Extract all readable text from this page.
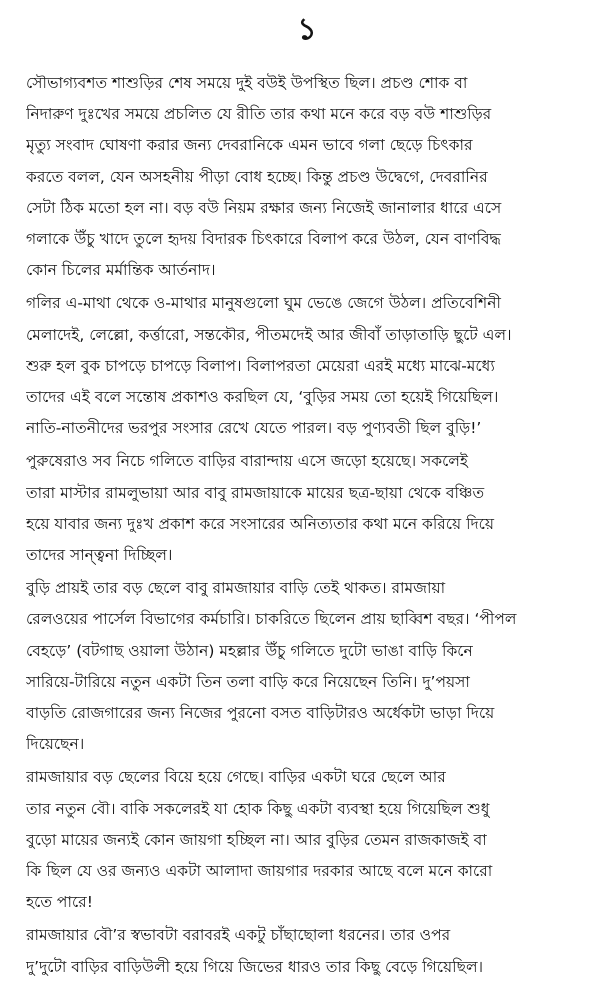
১
সৌভাগ্যবশত শাশুড়ির শেষ সময়ে দুই বউই উপস্থিত ছিল। প্রচণ্ড শোক বা
নিদারুণ দুঃখের সময়ে প্রচলিত যে রীতি তার কথা মনে করে বড় বউ শাশুড়ির
মৃত্যু সংবাদ ঘোষণা করার জন্য দেবরানিকে এমন ভাবে গলা ছেড়ে চিৎকার
করতে বলল, যেন অসহনীয় পীড়া বোধ হচ্ছে। কিন্তু প্রচণ্ড উদ্বেগে, দেবরানির
সেটা ঠিক মতো হল না। বড় বউ নিয়ম রক্ষার জন্য নিজেই জানালার ধারে এসে
গলাকে উঁচু খাদে তুলে হৃদয় বিদারক চিৎকারে বিলাপ করে উঠল, যেন বাণবিদ্ধ
কোন চিলের মর্মান্তিক আর্তনাদ।
গলির এ-মাথা থেকে ও-মাথার মানুষগুলো ঘুম ভেঙে জেগে উঠল। প্রতিবেশিনী
মেলাদেই, লেল্লো, কর্ত্তারো, সন্তকৌর, পীতমদেই আর জীবাঁ তাড়াতাড়ি ছুটে এল।
শুরু হল বুক চাপড়ে চাপড়ে বিলাপ। বিলাপরতা মেয়েরা এরই মধ্যে মাঝে-মধ্যে
তাদের এই বলে সন্তোষ প্রকাশও করছিল যে, ‘বুড়ির সময় তো হয়েই গিয়েছিল।
নাতি-নাতনীদের ভরপুর সংসার রেখে যেতে পারল। বড় পুণ্যবতী ছিল বুড়ি!’
পুরুষেরাও সব নিচে গলিতে বাড়ির বারান্দায় এসে জড়ো হয়েছে। সকলেই
তারা মাস্টার রামলুভায়া আর বাবু রামজায়াকে মায়ের ছত্র-ছায়া থেকে বঞ্চিত
হয়ে যাবার জন্য দুঃখ প্রকাশ করে সংসারের অনিত্যতার কথা মনে করিয়ে দিয়ে
তাদের সান্ত্বনা দিচ্ছিল।
বুড়ি প্রায়ই তার বড় ছেলে বাবু রামজায়ার বাড়ি তেই থাকত। রামজায়া
রেলওয়ের পার্সেল বিভাগের কর্মচারি। চাকরিতে ছিলেন প্রায় ছাব্বিশ বছর। ‘পীপল
বেহড়ে’ (বটগাছ ওয়ালা উঠান) মহল্লার উঁচু গলিতে দুটো ভাঙা বাড়ি কিনে
সারিয়ে-টারিয়ে নতুন একটা তিন তলা বাড়ি করে নিয়েছেন তিনি। দু’পয়সা
বাড়তি রোজগারের জন্য নিজের পুরনো বসত বাড়িটারও অর্ধেকটা ভাড়া দিয়ে
দিয়েছেন।
রামজায়ার বড় ছেলের বিয়ে হয়ে গেছে। বাড়ির একটা ঘরে ছেলে আর
তার নতুন বৌ। বাকি সকলেরই যা হোক কিছু একটা ব্যবস্থা হয়ে গিয়েছিল শুধু
বুড়ো মায়ের জন্যই কোন জায়গা হচ্ছিল না। আর বুড়ির তেমন রাজকাজই বা
কি ছিল যে ওর জন্যও একটা আলাদা জায়গার দরকার আছে বলে মনে কারো
হতে পারে!
রামজায়ার বৌ’র স্বভাবটা বরাবরই একটু চাঁছাছোলা ধরনের। তার ওপর
দু’দুটো বাড়ির বাড়িউলী হয়ে গিয়ে জিভের ধারও তার কিছু বেড়ে গিয়েছিল।
